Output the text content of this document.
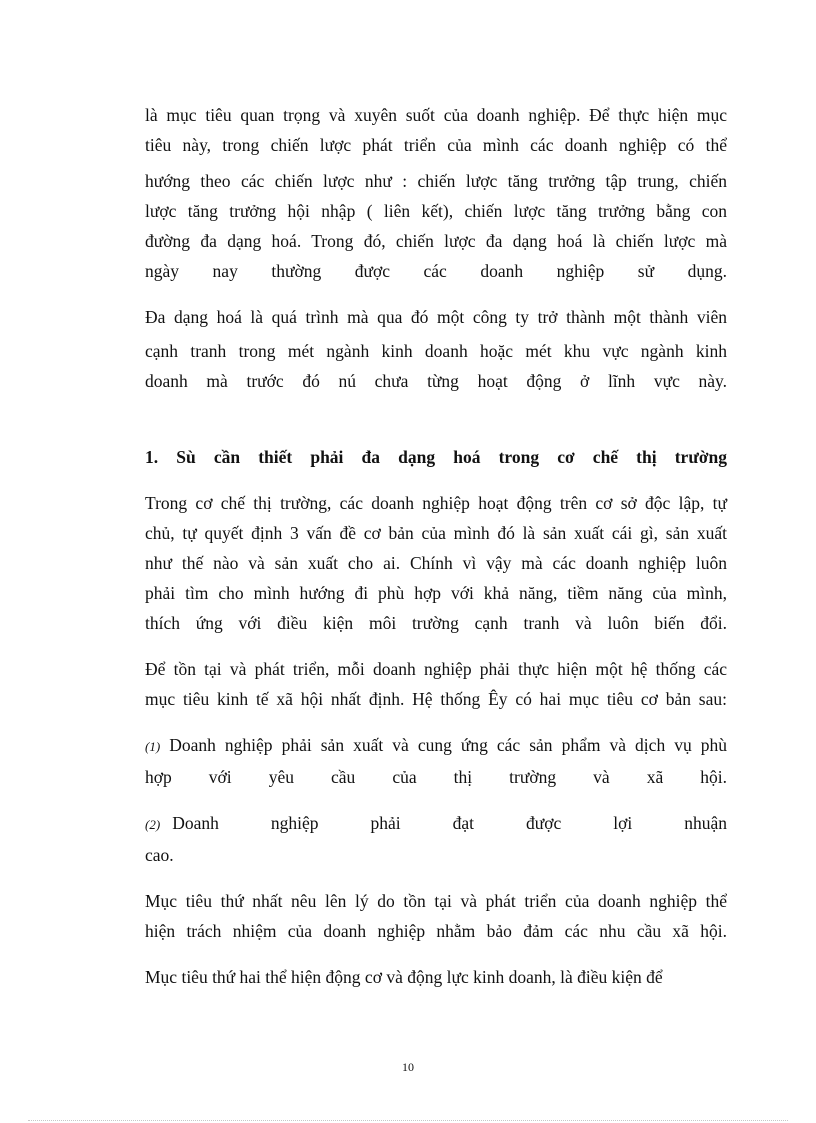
là mục tiêu quan trọng và xuyên suốt của doanh nghiệp. Để thực hiện mục

tiêu này, trong chiến lược phát triển của mình các doanh nghiệp có thể

hướng theo các chiến lược như : chiến lược tăng trưởng tập trung, chiến

lược tăng trưởng hội nhập ( liên kết), chiến lược tăng trưởng bằng con

đường đa dạng hoá. Trong đó, chiến lược đa dạng hoá là chiến lược mà

ngày nay thường được các doanh nghiệp sử dụng.

Đa dạng hoá là quá trình mà qua đó một công ty trở thành một thành viên

cạnh tranh trong mét ngành kinh doanh hoặc mét khu vực ngành kinh

doanh mà trước đó nú chưa từng hoạt động ở lĩnh vực này.

1. Sù cần thiết phải đa dạng hoá trong cơ chế thị trường

Trong cơ chế thị trường, các doanh nghiệp hoạt động trên cơ sở độc lập, tự

chủ, tự quyết định 3 vấn đề cơ bản của mình đó là sản xuất cái gì, sản xuất

như thế nào và sản xuất cho ai. Chính vì vậy mà các doanh nghiệp luôn

phải tìm cho mình hướng đi phù hợp với khả năng, tiềm năng của mình,

thích ứng với điều kiện môi trường cạnh tranh và luôn biến đổi.

Để tồn tại và phát triển, mỗi doanh nghiệp phải thực hiện một hệ thống các

mục tiêu kinh tế xã hội nhất định. Hệ thống Êy có hai mục tiêu cơ bản sau:

(1) Doanh nghiệp phải sản xuất và cung ứng các sản phẩm và dịch vụ phù

hợp với yêu cầu của thị trường và xã hội.

(2) Doanh nghiệp phải đạt được lợi nhuận cao.

Mục tiêu thứ nhất nêu lên lý do tồn tại và phát triển của doanh nghiệp thể

hiện trách nhiệm của doanh nghiệp nhằm bảo đảm các nhu cầu xã hội.

Mục tiêu thứ hai thể hiện động cơ và động lực kinh doanh, là điều kiện để

10
